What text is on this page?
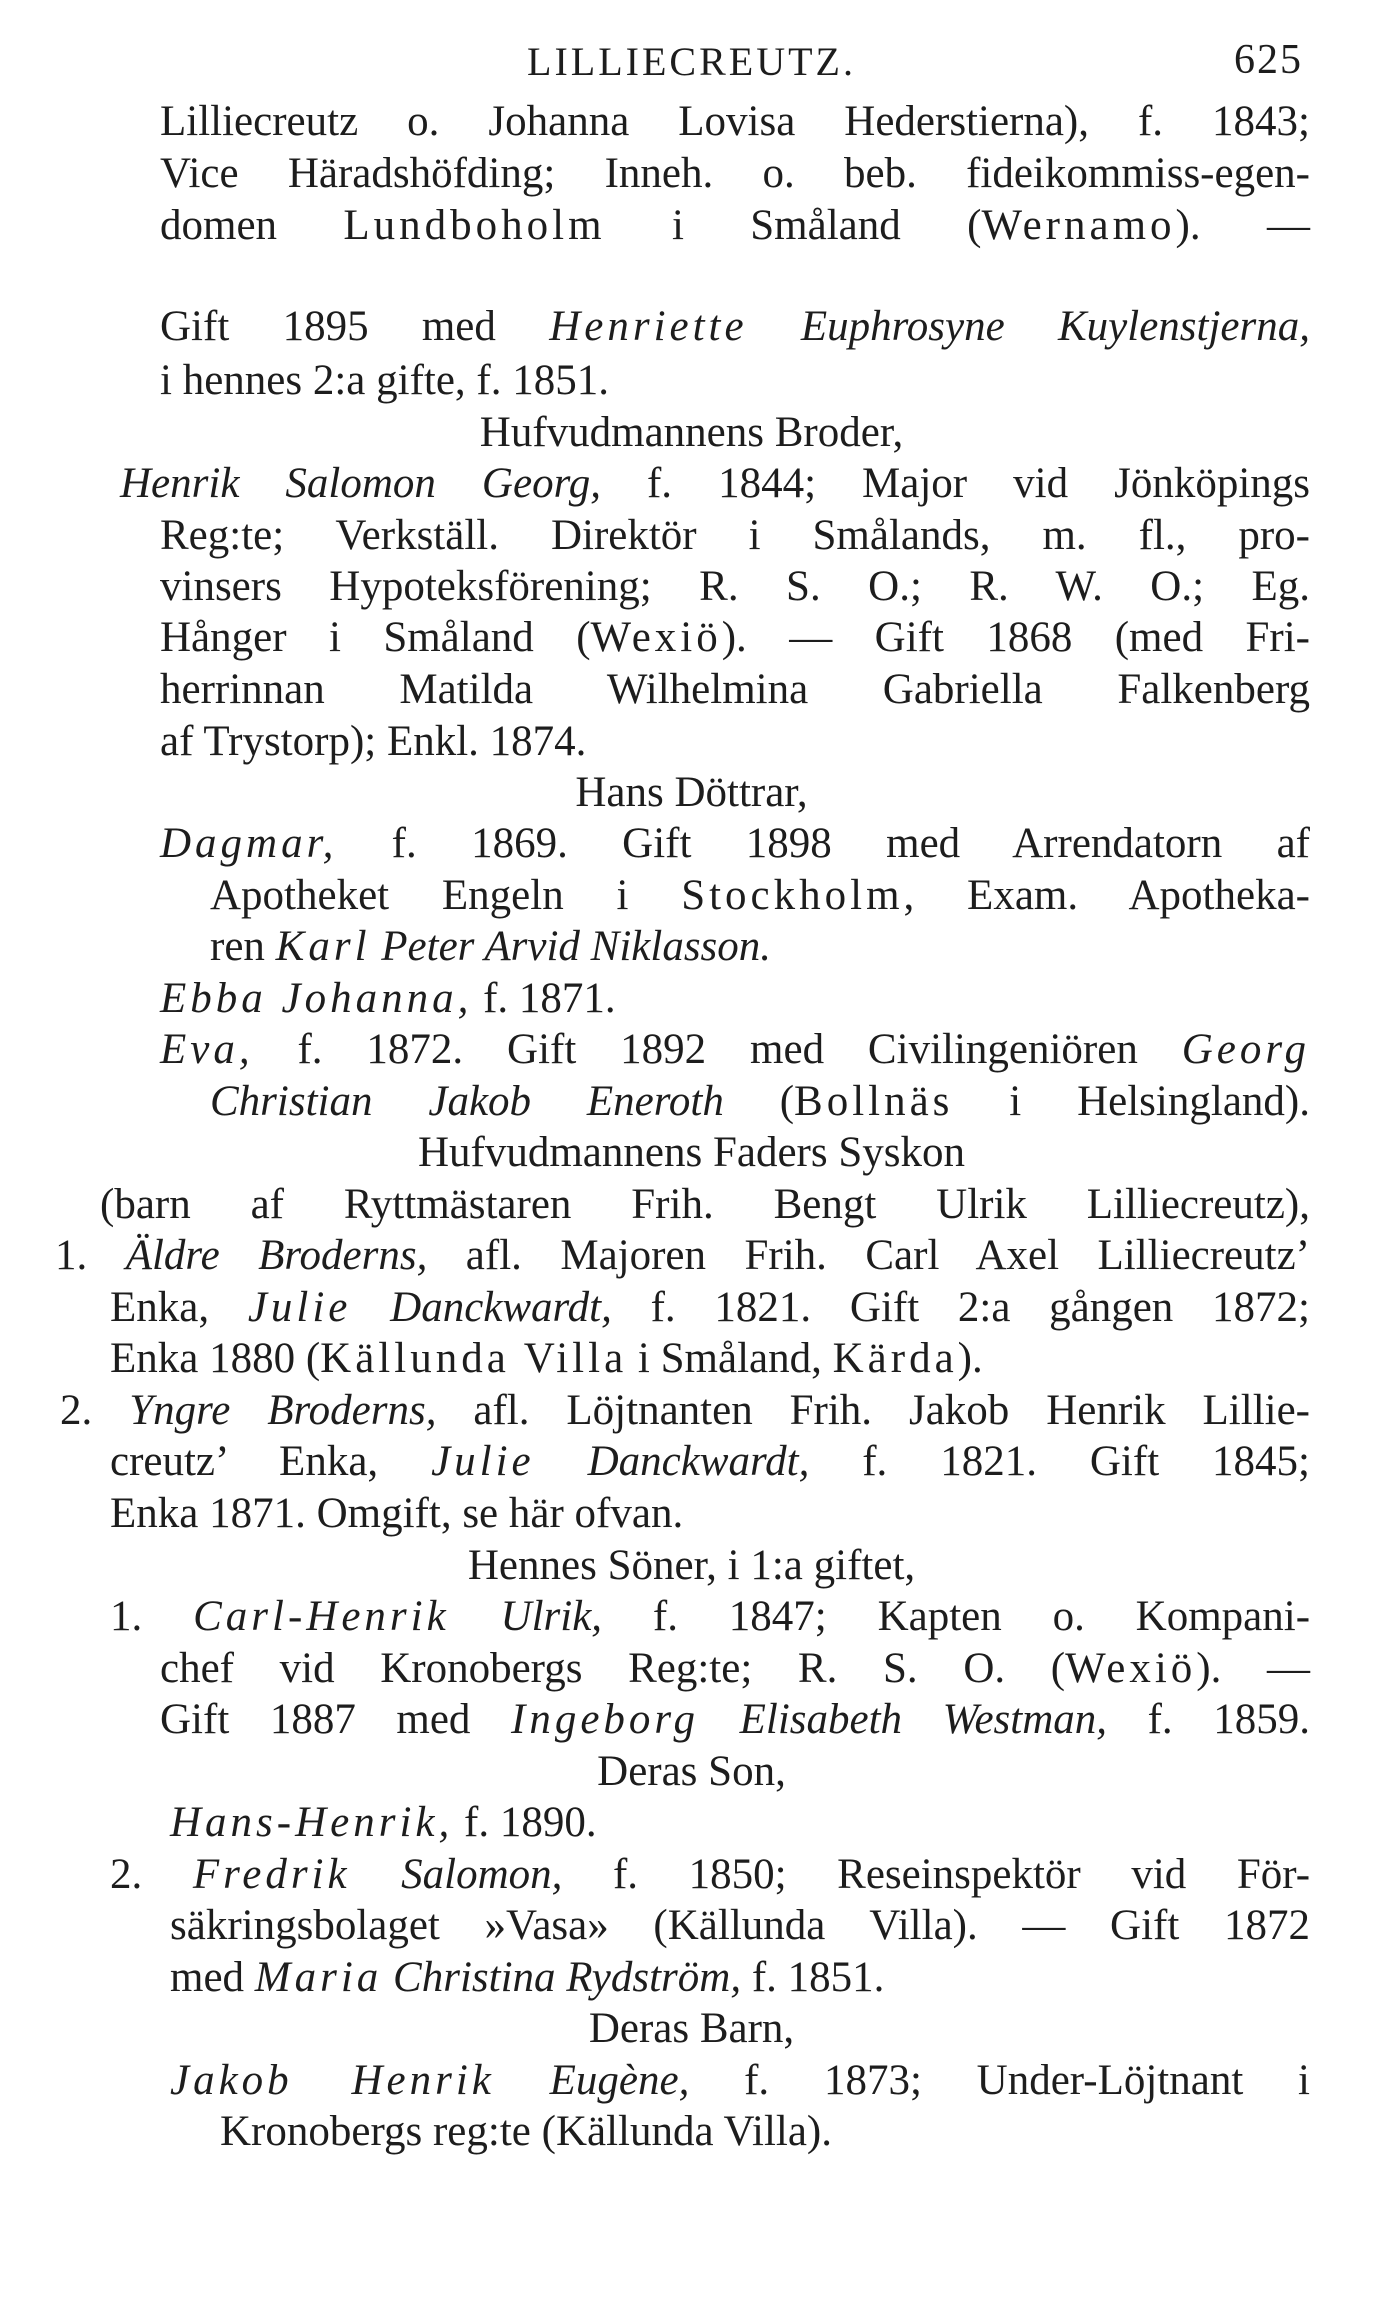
LILLIECREUTZ.	625
Lilliecreutz o. Johanna Lovisa Hederstierna), f. 1843;
Vice Häradshöfding; Inneh. o. beb. fideikommiss-egen-
domen Lundboholm i Småland (Wernamo). —
Gift 1895 med Henriette Euphrosyne Kuylenstjerna,
i hennes 2:a gifte, f. 1851.
Hufvudmannens Broder,
Henrik Salomon Georg, f. 1844; Major vid Jönköpings
Reg:te; Verkställ. Direktör i Smålands, m. fl., pro-
vinsers Hypoteksförening; R. S. O.; R. W. O.; Eg.
Hånger i Småland (Wexiö). — Gift 1868 (med Fri-
herrinnan Matilda Wilhelmina Gabriella Falkenberg
af Trystorp); Enkl. 1874.
Hans Döttrar,
Dagmar, f. 1869. Gift 1898 med Arrendatorn af
Apotheket Engeln i Stockholm, Exam. Apotheka-
ren Karl Peter Arvid Niklasson.
Ebba Johanna, f. 1871.
Eva, f. 1872. Gift 1892 med Civilingeniören Georg
Christian Jakob Eneroth (Bollnäs i Helsingland).
Hufvudmannens Faders Syskon
(barn af Ryttmästaren Frih. Bengt Ulrik Lilliecreutz),
1. Äldre Broderns, afl. Majoren Frih. Carl Axel Lilliecreutz’
Enka, Julie Danckwardt, f. 1821. Gift 2:a gången 1872;
Enka 1880 (Källunda Villa i Småland, Kärda).
2. Yngre Broderns, afl. Löjtnanten Frih. Jakob Henrik Lillie-
creutz’ Enka, Julie Danckwardt, f. 1821. Gift 1845;
Enka 1871. Omgift, se här ofvan.
Hennes Söner, i 1:a giftet,
1. Carl-Henrik Ulrik, f. 1847; Kapten o. Kompani-
chef vid Kronobergs Reg:te; R. S. O. (Wexiö). —
Gift 1887 med Ingeborg Elisabeth Westman, f. 1859.
Deras Son,
Hans-Henrik, f. 1890.
2. Fredrik Salomon, f. 1850; Reseinspektör vid För-
säkringsbolaget »Vasa» (Källunda Villa). — Gift 1872
med Maria Christina Rydström, f. 1851.
Deras Barn,
Jakob Henrik Eugène, f. 1873; Under-Löjtnant i
Kronobergs reg:te (Källunda Villa).
